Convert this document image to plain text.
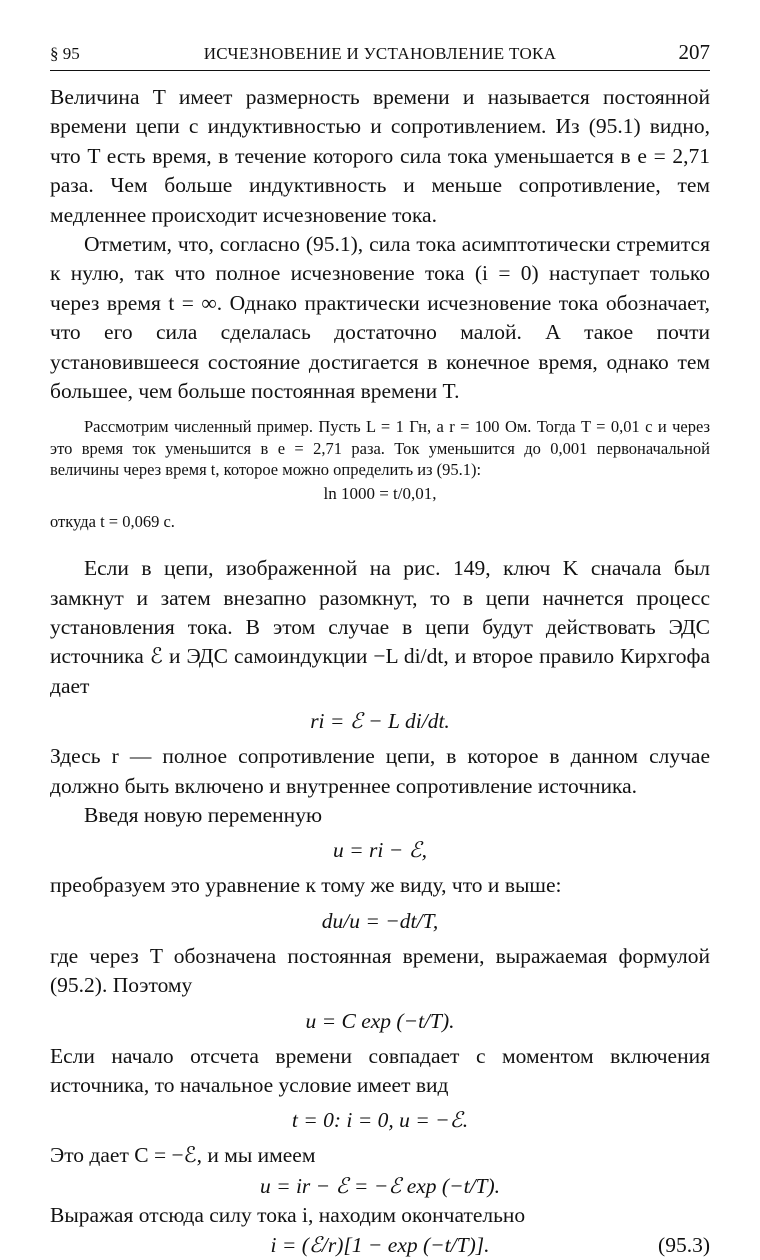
§ 95	ИСЧЕЗНОВЕНИЕ И УСТАНОВЛЕНИЕ ТОКА	207

Величина T имеет размерность времени и называется постоянной времени цепи с индуктивностью и сопротивлением. Из (95.1) видно, что T есть время, в течение которого сила тока уменьшается в e = 2,71 раза. Чем больше индуктивность и меньше сопротивление, тем медленнее происходит исчезновение тока.

Отметим, что, согласно (95.1), сила тока асимптотически стремится к нулю, так что полное исчезновение тока (i = 0) наступает только через время t = ∞. Однако практически исчезновение тока обозначает, что его сила сделалась достаточно малой. А такое почти установившееся состояние достигается в конечное время, однако тем большее, чем больше постоянная времени T.

Рассмотрим численный пример. Пусть L = 1 Гн, а r = 100 Ом. Тогда T = 0,01 с и через это время ток уменьшится в e = 2,71 раза. Ток уменьшится до 0,001 первоначальной величины через время t, которое можно определить из (95.1):

ln 1000 = t/0,01,

откуда t = 0,069 с.

Если в цепи, изображенной на рис. 149, ключ K сначала был замкнут и затем внезапно разомкнут, то в цепи начнется процесс установления тока. В этом случае в цепи будут действовать ЭДС источника ℰ и ЭДС самоиндукции −L di/dt, и второе правило Кирхгофа дает

ri = ℰ − L di/dt.

Здесь r — полное сопротивление цепи, в которое в данном случае должно быть включено и внутреннее сопротивление источника.

Введя новую переменную

u = ri − ℰ,

преобразуем это уравнение к тому же виду, что и выше:

du/u = −dt/T,

где через T обозначена постоянная времени, выражаемая формулой (95.2). Поэтому

u = C exp (−t/T).

Если начало отсчета времени совпадает с моментом включения источника, то начальное условие имеет вид

t = 0: i = 0, u = −ℰ.

Это дает C = −ℰ, и мы имеем

u = ir − ℰ = −ℰ exp (−t/T).

Выражая отсюда силу тока i, находим окончательно

i = (ℰ/r)[1 − exp (−t/T)].	(95.3)
